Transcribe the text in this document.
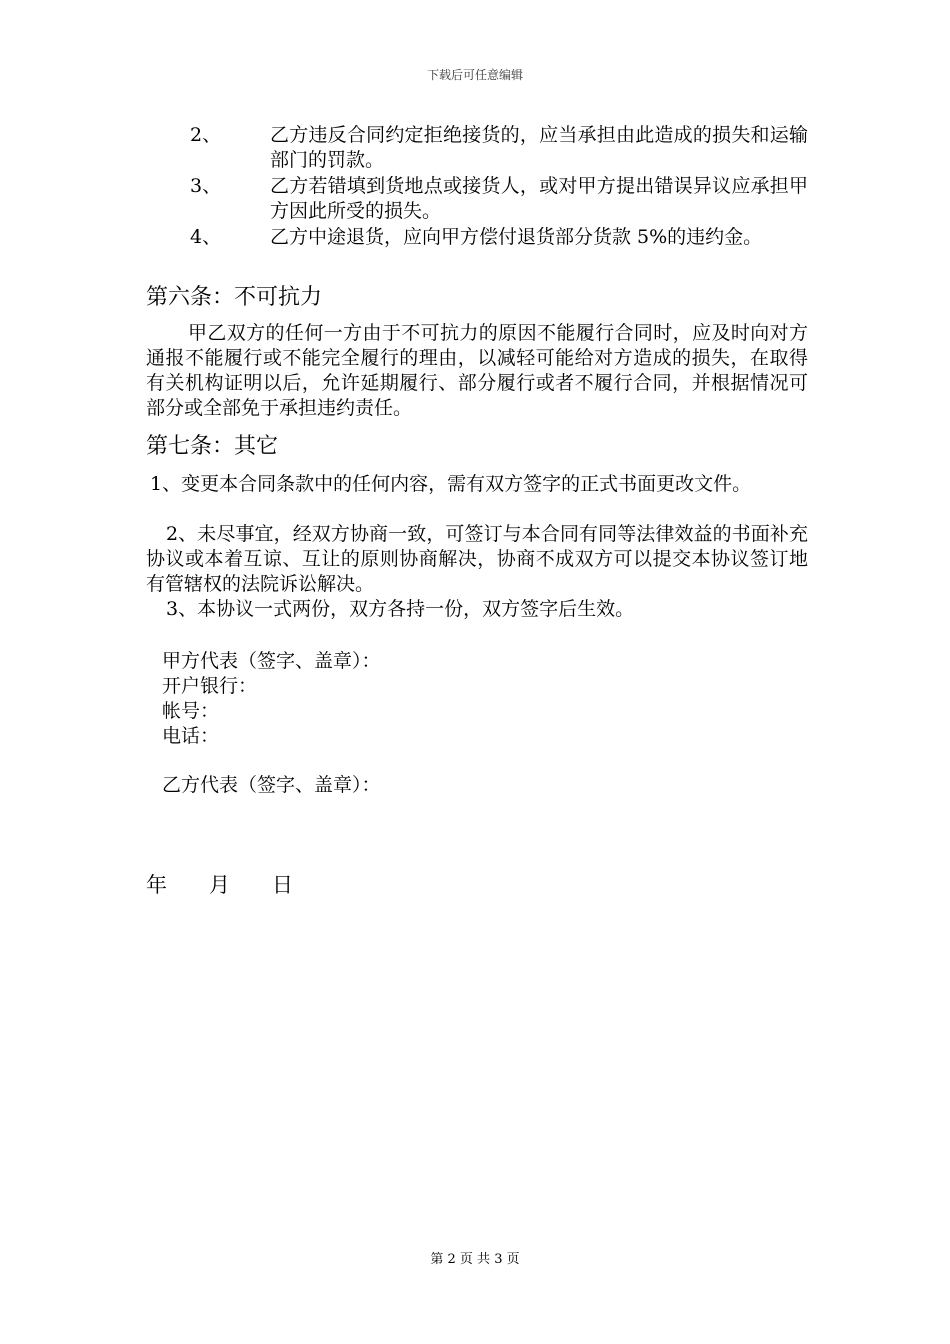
下载后可任意编辑
2、	乙方违反合同约定拒绝接货的，应当承担由此造成的损失和运输部门的罚款。
3、	乙方若错填到货地点或接货人，或对甲方提出错误异议应承担甲方因此所受的损失。
4、	乙方中途退货，应向甲方偿付退货部分货款 5%的违约金。
第六条：不可抗力
甲乙双方的任何一方由于不可抗力的原因不能履行合同时，应及时向对方通报不能履行或不能完全履行的理由，以减轻可能给对方造成的损失，在取得有关机构证明以后，允许延期履行、部分履行或者不履行合同，并根据情况可部分或全部免于承担违约责任。
第七条：其它
1、变更本合同条款中的任何内容，需有双方签字的正式书面更改文件。
2、未尽事宜，经双方协商一致，可签订与本合同有同等法律效益的书面补充协议或本着互谅、互让的原则协商解决，协商不成双方可以提交本协议签订地有管辖权的法院诉讼解决。
3、本协议一式两份，双方各持一份，双方签字后生效。
甲方代表（签字、盖章）：
开户银行：
帐号：
电话：
乙方代表（签字、盖章）：
年　　月　　日
第 2 页 共 3 页
